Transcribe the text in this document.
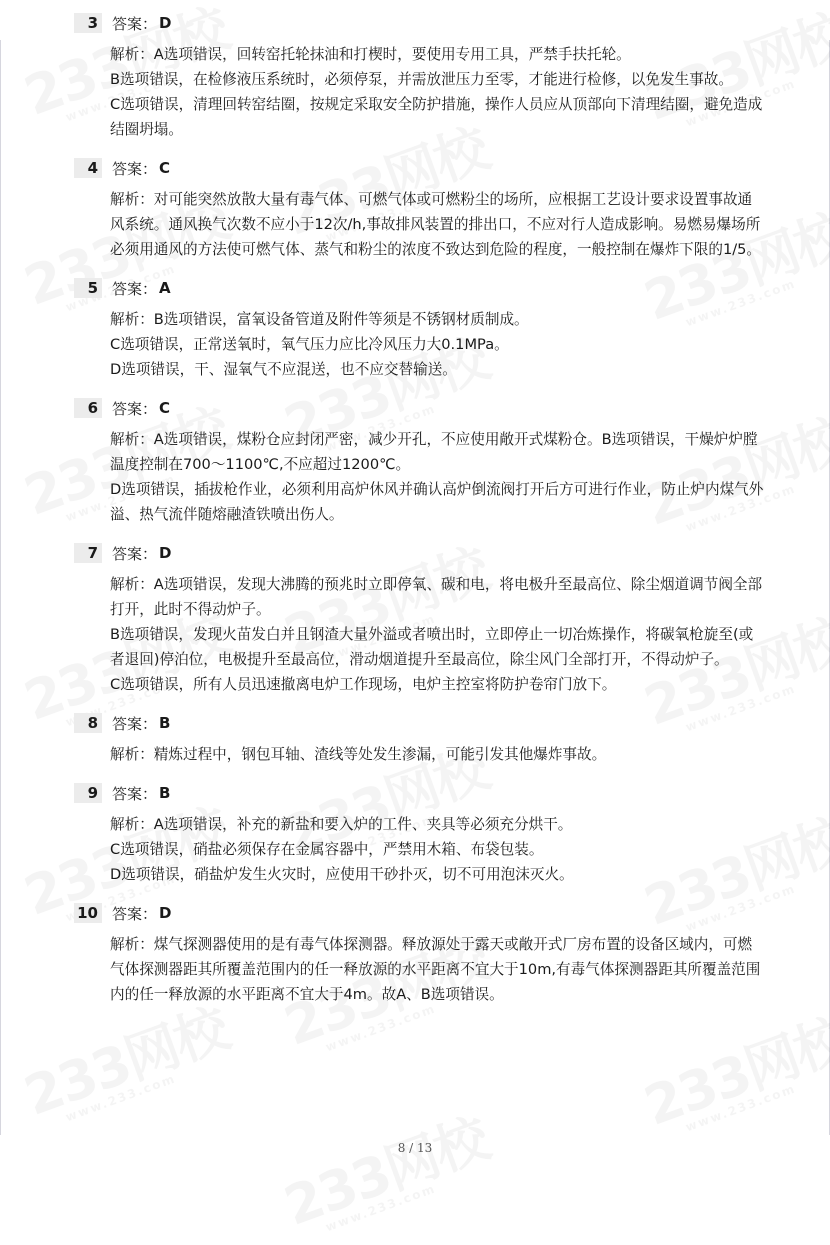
3 答案： D

解析：A选项错误，回转窑托轮抹油和打楔时，要使用专用工具，严禁手扶托轮。

B选项错误，在检修液压系统时，必须停泵，并需放泄压力至零，才能进行检修，以免发生事故。

C选项错误，清理回转窑结圈，按规定采取安全防护措施，操作人员应从顶部向下清理结圈，避免造成结圈坍塌。

4 答案： C

解析：对可能突然放散大量有毒气体、可燃气体或可燃粉尘的场所，应根据工艺设计要求设置事故通风系统。通风换气次数不应小于12次/h,事故排风装置的排出口，不应对行人造成影响。易燃易爆场所必须用通风的方法使可燃气体、蒸气和粉尘的浓度不致达到危险的程度，一般控制在爆炸下限的1/5。

5 答案： A

解析：B选项错误，富氧设备管道及附件等须是不锈钢材质制成。

C选项错误，正常送氧时，氧气压力应比冷风压力大0.1MPa。

D选项错误，干、湿氧气不应混送，也不应交替输送。

6 答案： C

解析：A选项错误，煤粉仓应封闭严密，减少开孔，不应使用敞开式煤粉仓。B选项错误，干燥炉炉膛温度控制在700～1100℃,不应超过1200℃。

D选项错误，插拔枪作业，必须利用高炉休风并确认高炉倒流阀打开后方可进行作业，防止炉内煤气外溢、热气流伴随熔融渣铁喷出伤人。

7 答案： D

解析：A选项错误，发现大沸腾的预兆时立即停氧、碳和电，将电极升至最高位、除尘烟道调节阀全部打开，此时不得动炉子。

B选项错误，发现火苗发白并且钢渣大量外溢或者喷出时，立即停止一切冶炼操作，将碳氧枪旋至(或者退回)停泊位，电极提升至最高位，滑动烟道提升至最高位，除尘风门全部打开，不得动炉子。

C选项错误，所有人员迅速撤离电炉工作现场，电炉主控室将防护卷帘门放下。

8 答案： B

解析：精炼过程中，钢包耳轴、渣线等处发生渗漏，可能引发其他爆炸事故。

9 答案： B

解析：A选项错误，补充的新盐和要入炉的工件、夹具等必须充分烘干。

C选项错误，硝盐必须保存在金属容器中，严禁用木箱、布袋包装。

D选项错误，硝盐炉发生火灾时，应使用干砂扑灭，切不可用泡沫灭火。

10 答案： D

解析：煤气探测器使用的是有毒气体探测器。释放源处于露天或敞开式厂房布置的设备区域内，可燃气体探测器距其所覆盖范围内的任一释放源的水平距离不宜大于10m,有毒气体探测器距其所覆盖范围内的任一释放源的水平距离不宜大于4m。故A、B选项错误。

8 / 13
